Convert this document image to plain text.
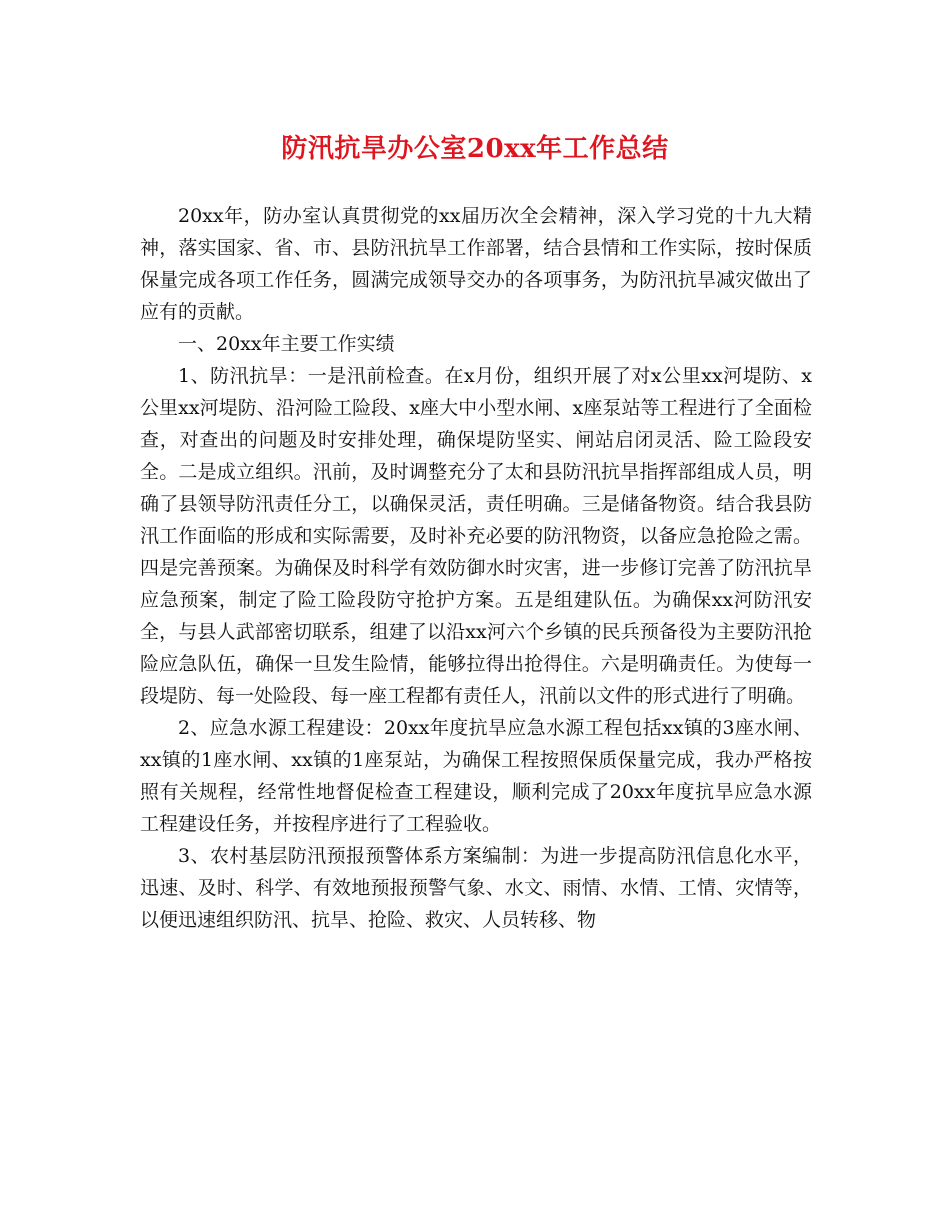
防汛抗旱办公室20xx年工作总结

20xx年，防办室认真贯彻党的xx届历次全会精神，深入学习党的十九大精神，落实国家、省、市、县防汛抗旱工作部署，结合县情和工作实际，按时保质保量完成各项工作任务，圆满完成领导交办的各项事务，为防汛抗旱减灾做出了应有的贡献。

一、20xx年主要工作实绩

1、防汛抗旱：一是汛前检查。在x月份，组织开展了对x公里xx河堤防、x公里xx河堤防、沿河险工险段、x座大中小型水闸、x座泵站等工程进行了全面检查，对查出的问题及时安排处理，确保堤防坚实、闸站启闭灵活、险工险段安全。二是成立组织。汛前，及时调整充分了太和县防汛抗旱指挥部组成人员，明确了县领导防汛责任分工，以确保灵活，责任明确。三是储备物资。结合我县防汛工作面临的形成和实际需要，及时补充必要的防汛物资，以备应急抢险之需。四是完善预案。为确保及时科学有效防御水时灾害，进一步修订完善了防汛抗旱应急预案，制定了险工险段防守抢护方案。五是组建队伍。为确保xx河防汛安全，与县人武部密切联系，组建了以沿xx河六个乡镇的民兵预备役为主要防汛抢险应急队伍，确保一旦发生险情，能够拉得出抢得住。六是明确责任。为使每一段堤防、每一处险段、每一座工程都有责任人，汛前以文件的形式进行了明确。

2、应急水源工程建设：20xx年度抗旱应急水源工程包括xx镇的3座水闸、xx镇的1座水闸、xx镇的1座泵站，为确保工程按照保质保量完成，我办严格按照有关规程，经常性地督促检查工程建设，顺利完成了20xx年度抗旱应急水源工程建设任务，并按程序进行了工程验收。

3、农村基层防汛预报预警体系方案编制：为进一步提高防汛信息化水平，迅速、及时、科学、有效地预报预警气象、水文、雨情、水情、工情、灾情等，以便迅速组织防汛、抗旱、抢险、救灾、人员转移、物
